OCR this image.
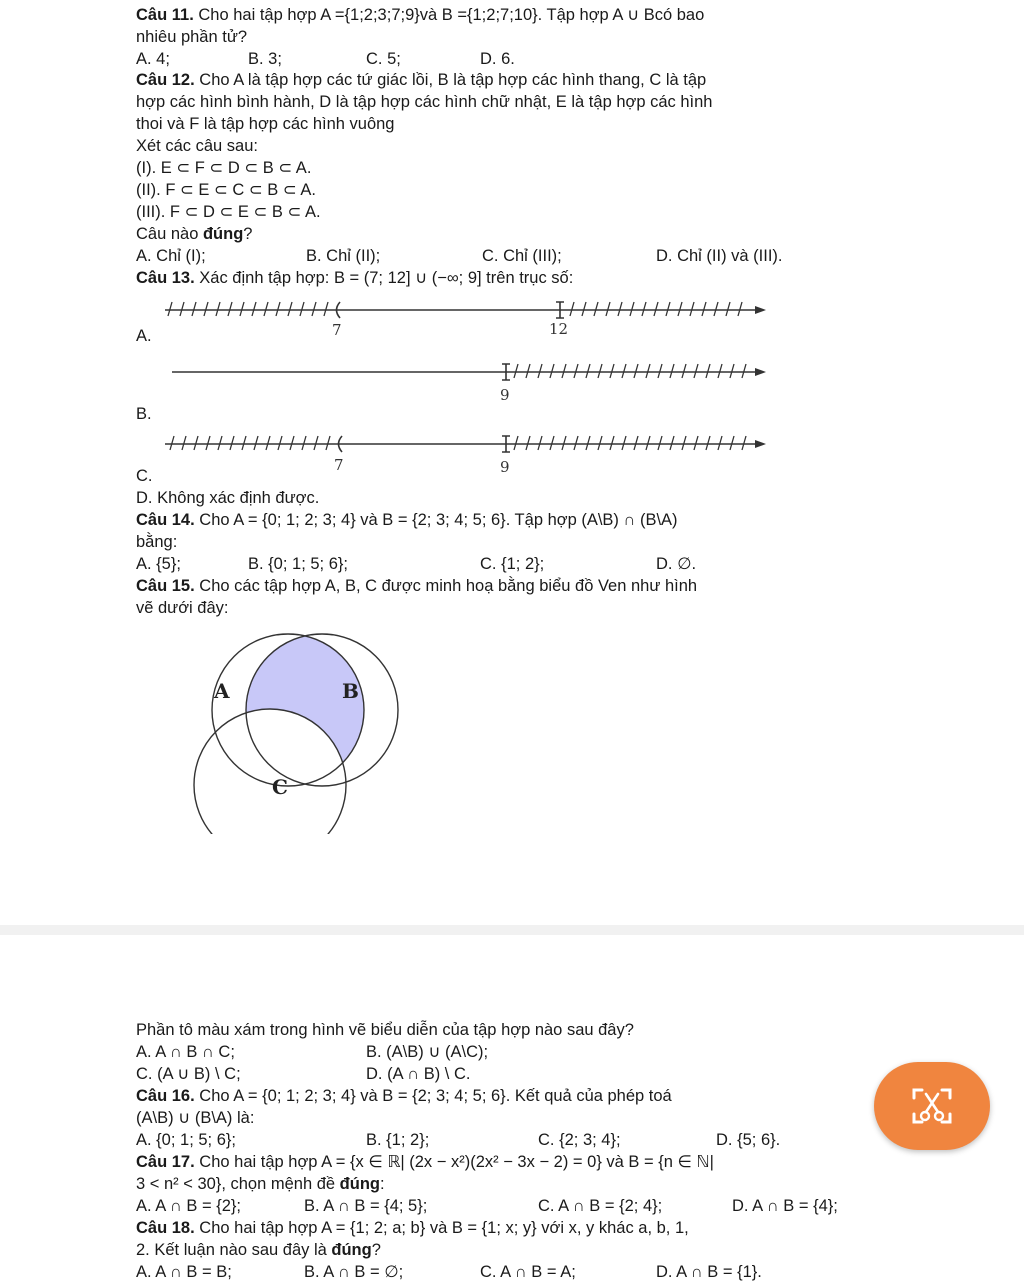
Câu 11. Cho hai tập hợp A ={1;2;3;7;9}và B ={1;2;7;10}. Tập hợp A ∪ Bcó bao
nhiêu phần tử?
A. 4;	B. 3;	C. 5;	D. 6.
Câu 12. Cho A là tập hợp các tứ giác lồi, B là tập hợp các hình thang, C là tập
hợp các hình bình hành, D là tập hợp các hình chữ nhật, E là tập hợp các hình
thoi và F là tập hợp các hình vuông
Xét các câu sau:
(I). E ⊂ F ⊂ D ⊂ B ⊂ A.
(II). F ⊂ E ⊂ C ⊂ B ⊂ A.
(III). F ⊂ D ⊂ E ⊂ B ⊂ A.
Câu nào đúng?
A. Chỉ (I);	B. Chỉ (II);	C. Chỉ (III);	D. Chỉ (II) và (III).
Câu 13. Xác định tập hợp: B = (7; 12] ∪ (−∞; 9] trên trục số:
A.	7	12
B.
9
C.
7	9
D. Không xác định được.
Câu 14. Cho A = {0; 1; 2; 3; 4} và B = {2; 3; 4; 5; 6}. Tập hợp (A\B) ∩ (B\A)
bằng:
A. {5};	B. {0; 1; 5; 6};	C. {1; 2};	D. ∅.
Câu 15. Cho các tập hợp A, B, C được minh hoạ bằng biểu đồ Ven như hình
vẽ dưới đây:
A	B
C
Phần tô màu xám trong hình vẽ biểu diễn của tập hợp nào sau đây?
A. A ∩ B ∩ C;	B. (A\B) ∪ (A\C);
C. (A ∪ B) \ C;	D. (A ∩ B) \ C.
Câu 16. Cho A = {0; 1; 2; 3; 4} và B = {2; 3; 4; 5; 6}. Kết quả của phép toá
(A\B) ∪ (B\A) là:
A. {0; 1; 5; 6};	B. {1; 2};	C. {2; 3; 4};	D. {5; 6}.
Câu 17. Cho hai tập hợp A = {x ∈ ℝ| (2x − x²)(2x² − 3x − 2) = 0} và B = {n ∈ ℕ|
3 < n² < 30}, chọn mệnh đề đúng:
A. A ∩ B = {2};	B. A ∩ B = {4; 5};	C. A ∩ B = {2; 4};	D. A ∩ B = {4};
Câu 18. Cho hai tập hợp A = {1; 2; a; b} và B = {1; x; y} với x, y khác a, b, 1,
2. Kết luận nào sau đây là đúng?
A. A ∩ B = B;	B. A ∩ B = ∅;	C. A ∩ B = A;	D. A ∩ B = {1}.
